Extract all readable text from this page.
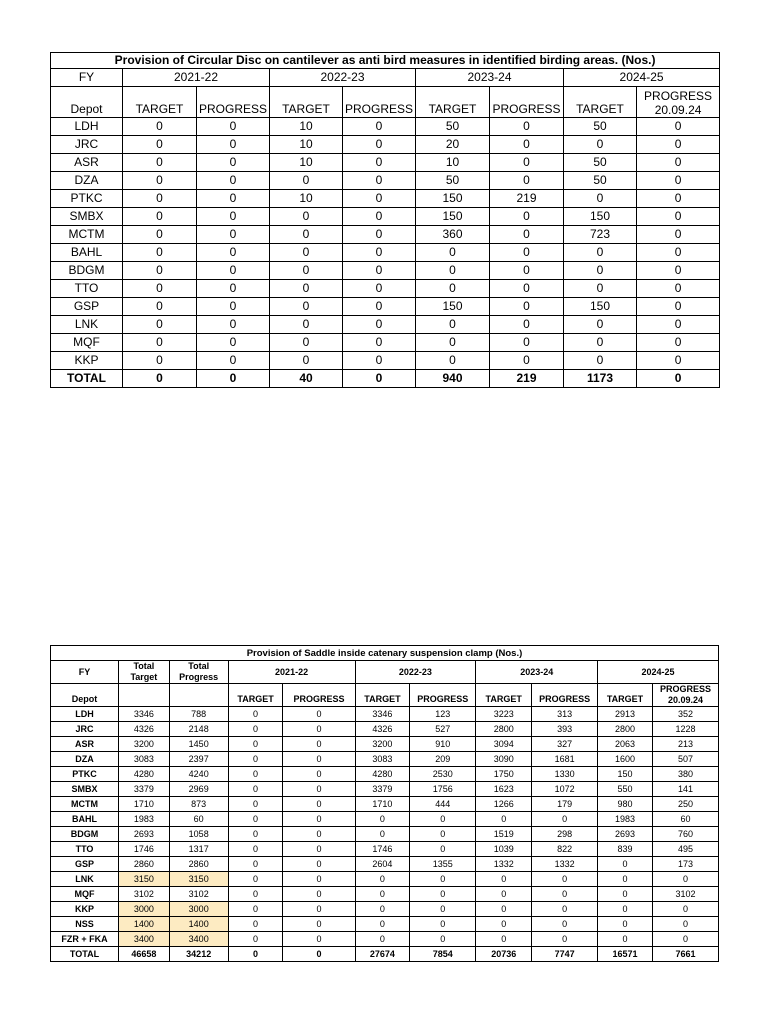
Provision of Circular Disc on cantilever as anti bird measures in identified birding areas. (Nos.)								
FY	2021-22		2022-23		2023-24		2024-25	
Depot	TARGET	PROGRESS	TARGET	PROGRESS	TARGET	PROGRESS	TARGET	PROGRESS 20.09.24
LDH	0	0	10	0	50	0	50	0
JRC	0	0	10	0	20	0	0	0
ASR	0	0	10	0	10	0	50	0
DZA	0	0	0	0	50	0	50	0
PTKC	0	0	10	0	150	219	0	0
SMBX	0	0	0	0	150	0	150	0
MCTM	0	0	0	0	360	0	723	0
BAHL	0	0	0	0	0	0	0	0
BDGM	0	0	0	0	0	0	0	0
TTO	0	0	0	0	0	0	0	0
GSP	0	0	0	0	150	0	150	0
LNK	0	0	0	0	0	0	0	0
MQF	0	0	0	0	0	0	0	0
KKP	0	0	0	0	0	0	0	0
TOTAL	0	0	40	0	940	219	1173	0
Provision of Saddle inside catenary suspension clamp (Nos.)										
FY	Total Target	Total Progress	2021-22		2022-23		2023-24		2024-25	
Depot			TARGET	PROGRESS	TARGET	PROGRESS	TARGET	PROGRESS	TARGET	PROGRESS 20.09.24
LDH	3346	788	0	0	3346	123	3223	313	2913	352
JRC	4326	2148	0	0	4326	527	2800	393	2800	1228
ASR	3200	1450	0	0	3200	910	3094	327	2063	213
DZA	3083	2397	0	0	3083	209	3090	1681	1600	507
PTKC	4280	4240	0	0	4280	2530	1750	1330	150	380
SMBX	3379	2969	0	0	3379	1756	1623	1072	550	141
MCTM	1710	873	0	0	1710	444	1266	179	980	250
BAHL	1983	60	0	0	0	0	0	0	1983	60
BDGM	2693	1058	0	0	0	0	1519	298	2693	760
TTO	1746	1317	0	0	1746	0	1039	822	839	495
GSP	2860	2860	0	0	2604	1355	1332	1332	0	173
LNK	3150	3150	0	0	0	0	0	0	0	0
MQF	3102	3102	0	0	0	0	0	0	0	3102
KKP	3000	3000	0	0	0	0	0	0	0	0
NSS	1400	1400	0	0	0	0	0	0	0	0
FZR + FKA	3400	3400	0	0	0	0	0	0	0	0
TOTAL	46658	34212	0	0	27674	7854	20736	7747	16571	7661
